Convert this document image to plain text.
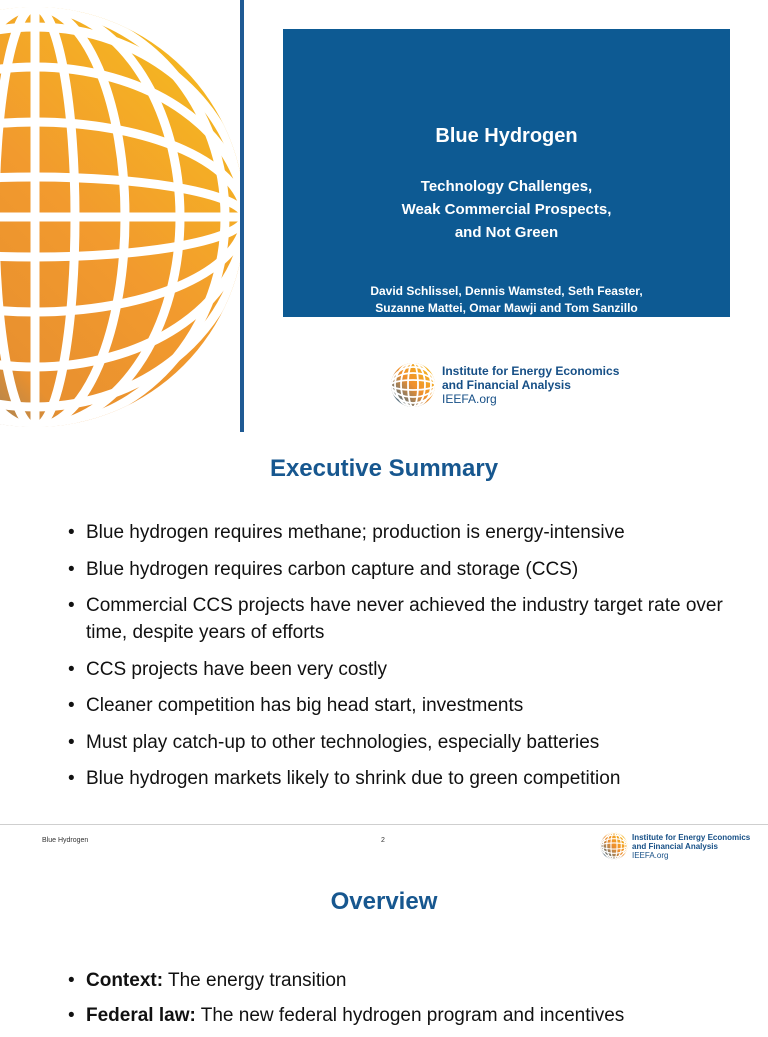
Blue Hydrogen
Technology Challenges,
Weak Commercial Prospects,
and Not Green
David Schlissel, Dennis Wamsted, Seth Feaster,
Suzanne Mattei, Omar Mawji and Tom Sanzillo
February 2022
Institute for Energy Economics
and Financial Analysis
IEEFA.org
Executive Summary
• Blue hydrogen requires methane; production is energy-intensive
• Blue hydrogen requires carbon capture and storage (CCS)
• Commercial CCS projects have never achieved the industry target rate over time, despite years of efforts
• CCS projects have been very costly
• Cleaner competition has big head start, investments
• Must play catch-up to other technologies, especially batteries
• Blue hydrogen markets likely to shrink due to green competition
Blue Hydrogen	2	Institute for Energy Economics
and Financial Analysis
IEEFA.org
Overview
• Context: The energy transition
• Federal law: The new federal hydrogen program and incentives
